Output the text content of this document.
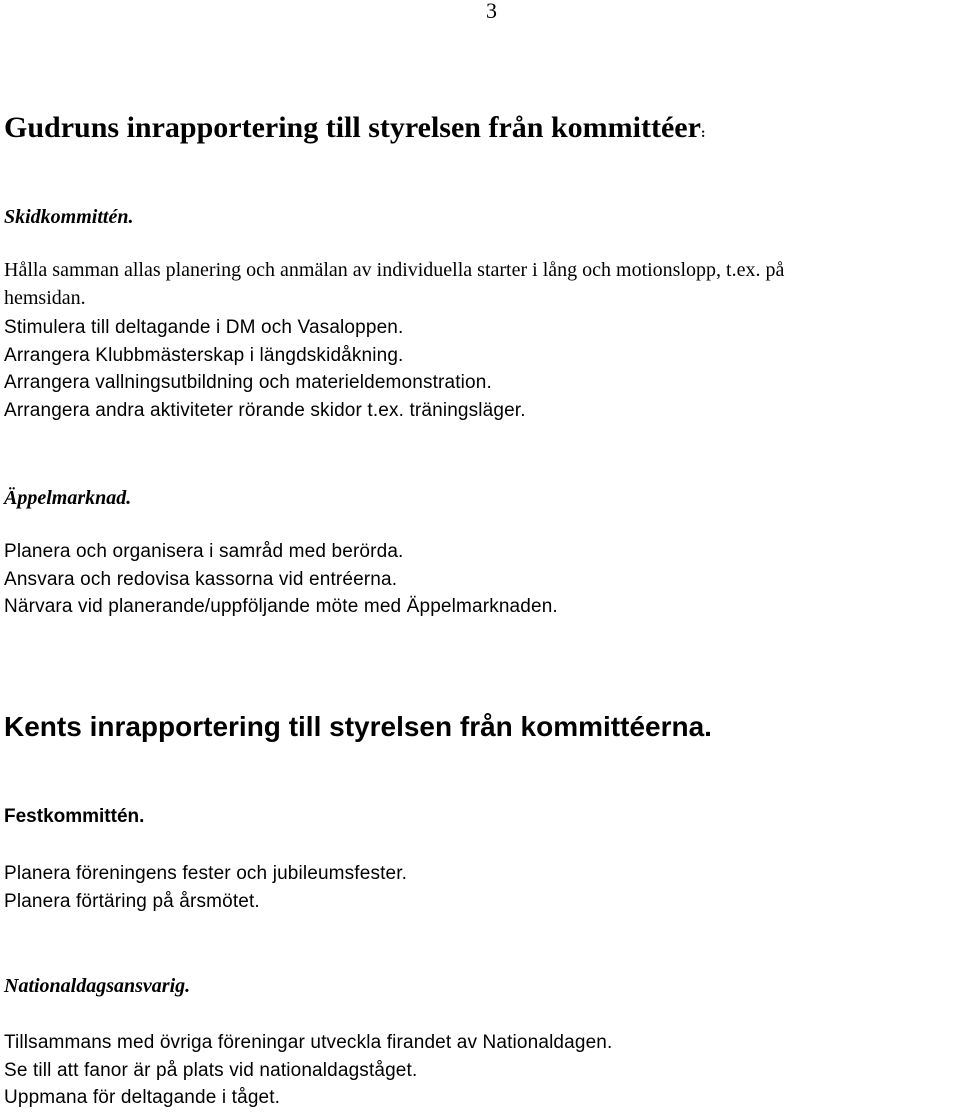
3
Gudruns inrapportering till styrelsen från kommittéer:
Skidkommittén.
Hålla samman allas planering och anmälan av individuella starter i lång och motionslopp, t.ex. på
hemsidan.
Stimulera till deltagande i DM och Vasaloppen.
Arrangera Klubbmästerskap i längdskidåkning.
Arrangera vallningsutbildning och materieldemonstration.
Arrangera andra aktiviteter rörande skidor t.ex. träningsläger.
Äppelmarknad.
Planera och organisera i samråd med berörda.
Ansvara och redovisa kassorna vid entréerna.
Närvara vid planerande/uppföljande möte med Äppelmarknaden.
Kents inrapportering till styrelsen från kommittéerna.
Festkommittén.
Planera föreningens fester och jubileumsfester.
Planera förtäring på årsmötet.
Nationaldagsansvarig.
Tillsammans med övriga föreningar utveckla firandet av Nationaldagen.
Se till att fanor är på plats vid nationaldagståget.
Uppmana för deltagande i tåget.
